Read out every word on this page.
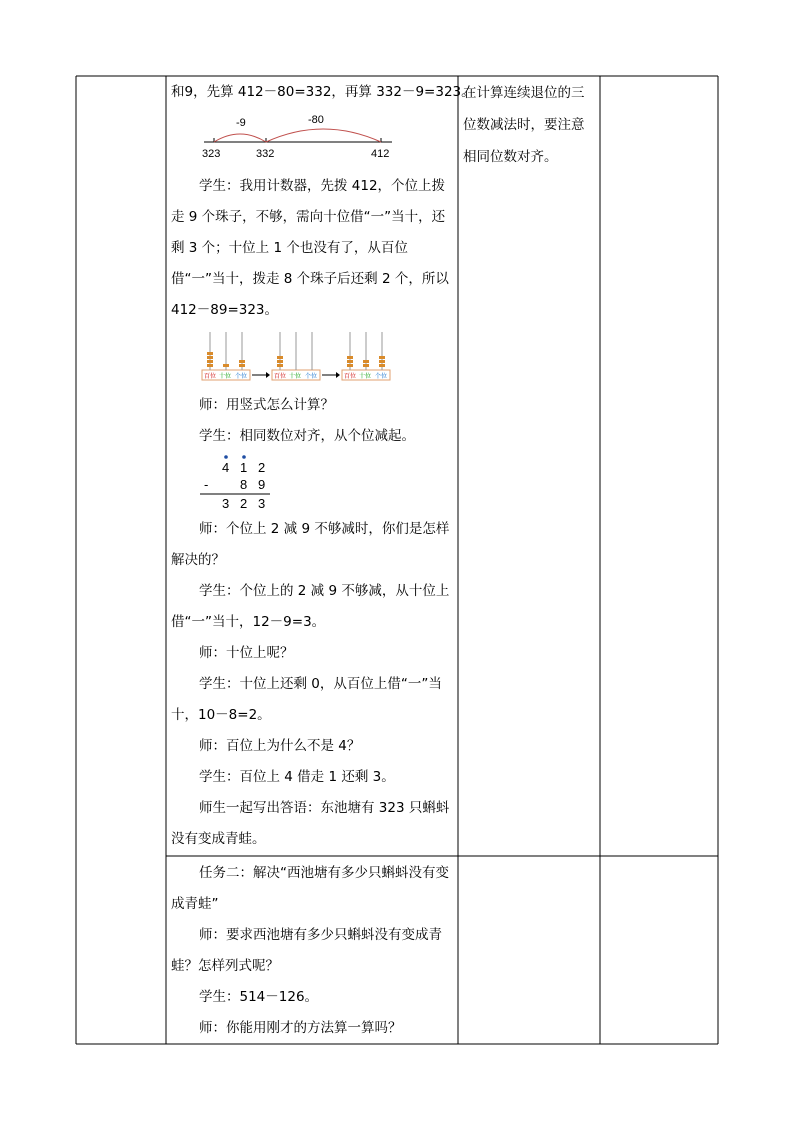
和9，先算 412－80=332，再算 332－9=323。
-9	-80
323	332	412

学生：我用计数器，先拨 412，个位上拨走 9 个珠子，不够，需向十位借“一”当十，还剩 3 个；十位上 1 个也没有了，从百位借“一”当十，拨走 8 个珠子后还剩 2 个，所以 412－89=323。

百位 十位 个位	百位 十位 个位	百位 十位 个位

师：用竖式怎么计算？

学生：相同数位对齐，从个位减起。

4 1 2
- 8 9
3 2 3

师：个位上 2 减 9 不够减时，你们是怎样解决的？

学生：个位上的 2 减 9 不够减，从十位上借“一”当十，12－9=3。

师：十位上呢？

学生：十位上还剩 0，从百位上借“一”当十，10－8=2。

师：百位上为什么不是 4？

学生：百位上 4 借走 1 还剩 3。

师生一起写出答语：东池塘有 323 只蝌蚪没有变成青蛙。

在计算连续退位的三位数减法时，要注意相同位数对齐。

任务二：解决“西池塘有多少只蝌蚪没有变成青蛙”

师：要求西池塘有多少只蝌蚪没有变成青蛙？怎样列式呢？

学生：514－126。

师：你能用刚才的方法算一算吗？
